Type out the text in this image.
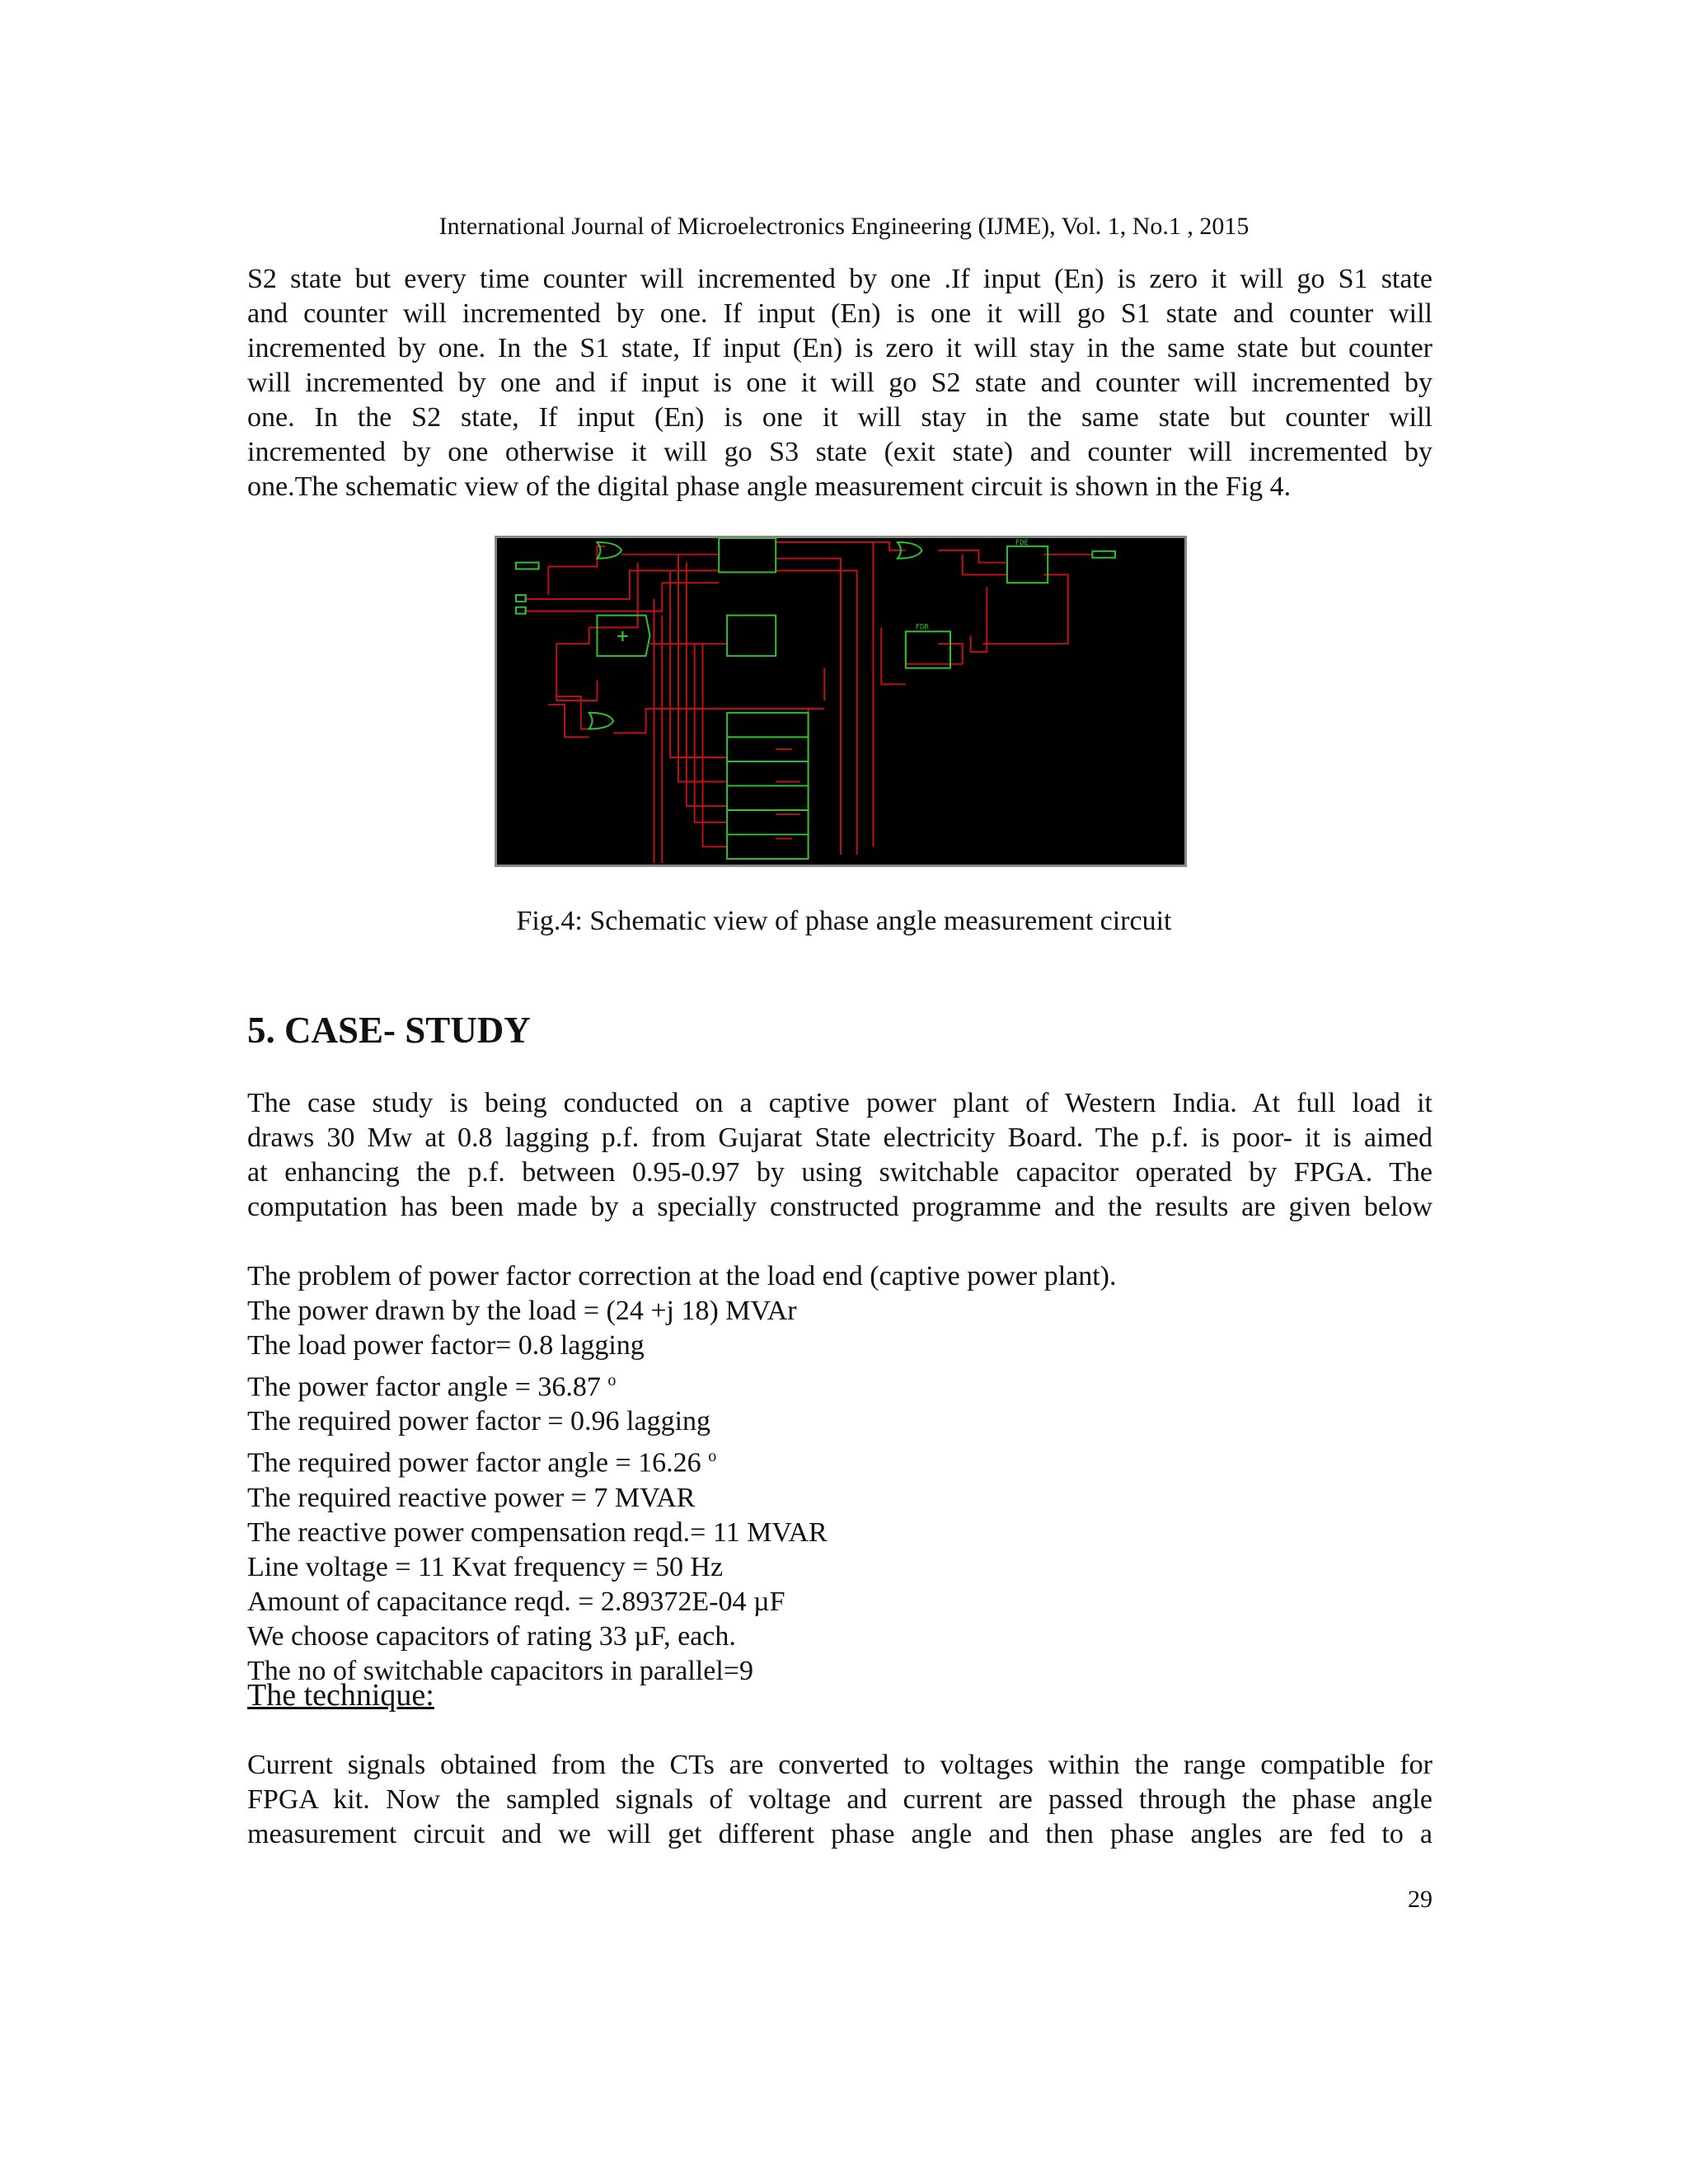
International Journal of Microelectronics Engineering (IJME), Vol. 1, No.1 , 2015

S2 state but every time counter will incremented by one .If input (En) is zero it will go S1 state

and counter will incremented by one. If input (En) is one it will go S1 state and counter will

incremented by one. In the S1 state, If input (En) is zero it will stay in the same state but counter

will incremented by one and if input is one it will go S2 state and counter will incremented by

one. In the S2 state, If input (En) is one it will stay in the same state but counter will

incremented by one otherwise it will go S3 state (exit state) and counter will incremented by

one.The schematic view of the digital phase angle measurement circuit is shown in the Fig 4.

FDE
FDR
+
Fig.4: Schematic view of phase angle measurement circuit
5. CASE- STUDY

The case study is being conducted on a captive power plant of Western India. At full load it

draws 30 Mw at 0.8 lagging p.f. from Gujarat State electricity Board. The p.f. is poor- it is aimed

at enhancing the p.f. between 0.95-0.97 by using switchable capacitor operated by FPGA. The

computation has been made by a specially constructed programme and the results are given below

The problem of power factor correction at the load end (captive power plant).
The power drawn by the load = (24 +j 18) MVAr
The load power factor= 0.8 lagging
The power factor angle = 36.87 $^o$
The required power factor = 0.96 lagging
The required power factor angle = 16.26 $^o$
The required reactive power = 7 MVAR
The reactive power compensation reqd.= 11 MVAR
Line voltage = 11 Kvat frequency = 50 Hz
Amount of capacitance reqd. = 2.89372E-04 µF
We choose capacitors of rating 33 µF, each.
The no of switchable capacitors in parallel=9
The technique:

Current signals obtained from the CTs are converted to voltages within the range compatible for

FPGA kit. Now the sampled signals of voltage and current are passed through the phase angle

measurement circuit and we will get different phase angle and then phase angles are fed to a

29
